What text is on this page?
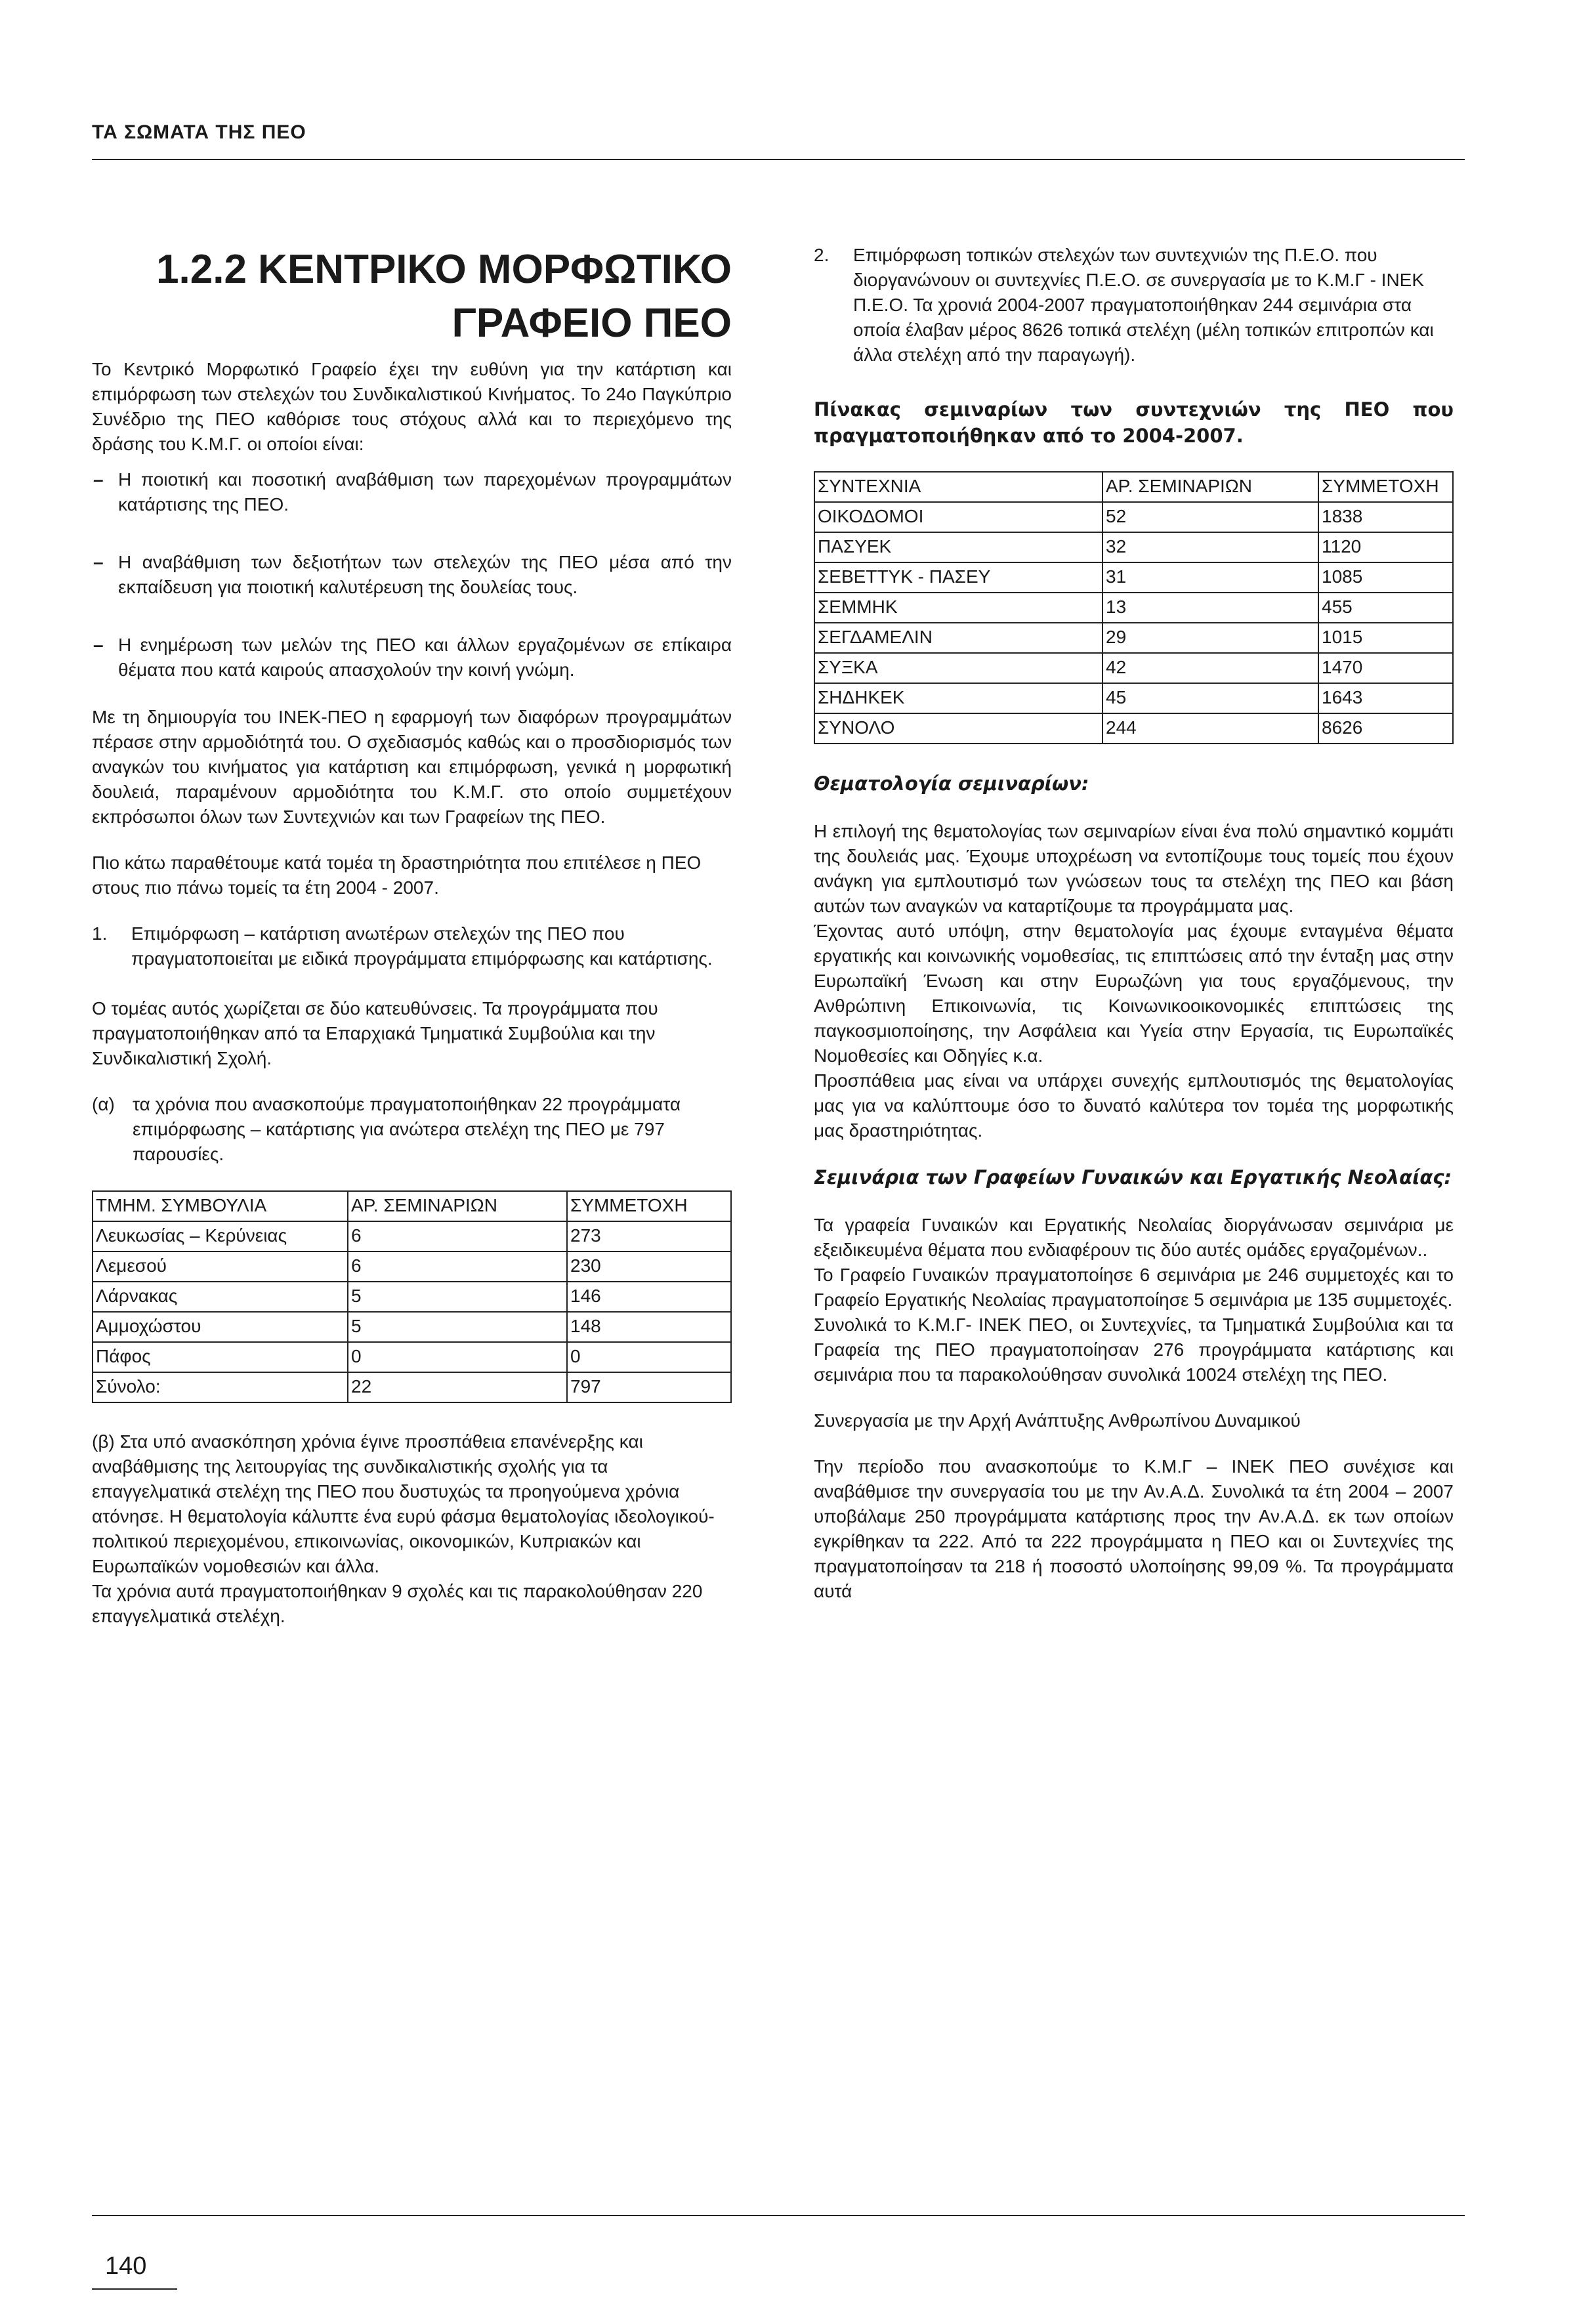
ΤΑ ΣΩΜΑΤΑ ΤΗΣ ΠΕΟ
1.2.2 ΚΕΝΤΡΙΚΟ ΜΟΡΦΩΤΙΚΟ
ΓΡΑΦΕΙΟ ΠΕΟ

Το Κεντρικό Μορφωτικό Γραφείο έχει την ευθύνη για την κατάρτιση και επιμόρφωση των στελεχών του Συνδικαλιστικού Κινήματος. Το 24ο Παγκύπριο Συνέδριο της ΠΕΟ καθόρισε τους στόχους αλλά και το περιεχόμενο της δράσης του Κ.Μ.Γ. οι οποίοι είναι:

– Η ποιοτική και ποσοτική αναβάθμιση των παρεχομένων προγραμμάτων κατάρτισης της ΠΕΟ.
– Η αναβάθμιση των δεξιοτήτων των στελεχών της ΠΕΟ μέσα από την εκπαίδευση για ποιοτική καλυτέρευση της δουλείας τους.
– Η ενημέρωση των μελών της ΠΕΟ και άλλων εργαζομένων σε επίκαιρα θέματα που κατά καιρούς απασχολούν την κοινή γνώμη.

Με τη δημιουργία του ΙΝΕΚ-ΠΕΟ η εφαρμογή των διαφόρων προγραμμάτων πέρασε στην αρμοδιότητά του. Ο σχεδιασμός καθώς και ο προσδιορισμός των αναγκών του κινήματος για κατάρτιση και επιμόρφωση, γενικά η μορφωτική δουλειά, παραμένουν αρμοδιότητα του Κ.Μ.Γ. στο οποίο συμμετέχουν εκπρόσωποι όλων των Συντεχνιών και των Γραφείων της ΠΕΟ.

Πιο κάτω παραθέτουμε κατά τομέα τη δραστηριότητα που επιτέλεσε η ΠΕΟ στους πιο πάνω τομείς τα έτη 2004 - 2007.

1. Επιμόρφωση – κατάρτιση ανωτέρων στελεχών της ΠΕΟ που πραγματοποιείται με ειδικά προγράμματα επιμόρφωσης και κατάρτισης.

Ο τομέας αυτός χωρίζεται σε δύο κατευθύνσεις. Τα προγράμματα που πραγματοποιήθηκαν από τα Επαρχιακά Τμηματικά Συμβούλια και την Συνδικαλιστική Σχολή.

(α) τα χρόνια που ανασκοπούμε πραγματοποιήθηκαν 22 προγράμματα επιμόρφωσης – κατάρτισης για ανώτερα στελέχη της ΠΕΟ με 797 παρουσίες.
ΤΜΗΜ. ΣΥΜΒΟΥΛΙΑ	ΑΡ. ΣΕΜΙΝΑΡΙΩΝ	ΣΥΜΜΕΤΟΧΗ
Λευκωσίας – Κερύνειας	6	273
Λεμεσού	6	230
Λάρνακας	5	146
Αμμοχώστου	5	148
Πάφος	0	0
Σύνολο:	22	797
(β) Στα υπό ανασκόπηση χρόνια έγινε προσπάθεια επανένερξης και αναβάθμισης της λειτουργίας της συνδικαλιστικής σχολής για τα επαγγελματικά στελέχη της ΠΕΟ που δυστυχώς τα προηγούμενα χρόνια ατόνησε. Η θεματολογία κάλυπτε ένα ευρύ φάσμα θεματολογίας ιδεολογικού- πολιτικού περιεχομένου, επικοινωνίας, οικονομικών, Κυπριακών και Ευρωπαϊκών νομοθεσιών και άλλα.
Τα χρόνια αυτά πραγματοποιήθηκαν 9 σχολές και τις παρακολούθησαν 220 επαγγελματικά στελέχη.
2. Επιμόρφωση τοπικών στελεχών των συντεχνιών της Π.Ε.Ο. που διοργανώνουν οι συντεχνίες Π.Ε.Ο. σε συνεργασία με το Κ.Μ.Γ - ΙΝΕΚ Π.Ε.Ο. Τα χρονιά 2004-2007 πραγματοποιήθηκαν 244 σεμινάρια στα οποία έλαβαν μέρος 8626 τοπικά στελέχη (μέλη τοπικών επιτροπών και άλλα στελέχη από την παραγωγή).
Πίνακας σεμιναρίων των συντεχνιών της ΠΕΟ που πραγματοποιήθηκαν από το 2004-2007.
ΣΥΝΤΕΧΝΙΑ	ΑΡ. ΣΕΜΙΝΑΡΙΩΝ	ΣΥΜΜΕΤΟΧΗ
ΟΙΚΟΔΟΜΟΙ	52	1838
ΠΑΣΥΕΚ	32	1120
ΣΕΒΕΤΤΥΚ - ΠΑΣΕΥ	31	1085
ΣΕΜΜΗΚ	13	455
ΣΕΓΔΑΜΕΛΙΝ	29	1015
ΣΥΞΚΑ	42	1470
ΣΗΔΗΚΕΚ	45	1643
ΣΥΝΟΛΟ	244	8626
Θεματολογία σεμιναρίων:

Η επιλογή της θεματολογίας των σεμιναρίων είναι ένα πολύ σημαντικό κομμάτι της δουλειάς μας. Έχουμε υποχρέωση να εντοπίζουμε τους τομείς που έχουν ανάγκη για εμπλουτισμό των γνώσεων τους τα στελέχη της ΠΕΟ και βάση αυτών των αναγκών να καταρτίζουμε τα προγράμματα μας.

Έχοντας αυτό υπόψη, στην θεματολογία μας έχουμε ενταγμένα θέματα εργατικής και κοινωνικής νομοθεσίας, τις επιπτώσεις από την ένταξη μας στην Ευρωπαϊκή Ένωση και στην Ευρωζώνη για τους εργαζόμενους, την Ανθρώπινη Επικοινωνία, τις Κοινωνικοοικονομικές επιπτώσεις της παγκοσμιοποίησης, την Ασφάλεια και Υγεία στην Εργασία, τις Ευρωπαϊκές Νομοθεσίες και Οδηγίες κ.α.

Προσπάθεια μας είναι να υπάρχει συνεχής εμπλουτισμός της θεματολογίας μας για να καλύπτουμε όσο το δυνατό καλύτερα τον τομέα της μορφωτικής μας δραστηριότητας.

Σεμινάρια των Γραφείων Γυναικών και Εργατικής Νεολαίας:

Τα γραφεία Γυναικών και Εργατικής Νεολαίας διοργάνωσαν σεμινάρια με εξειδικευμένα θέματα που ενδιαφέρουν τις δύο αυτές ομάδες εργαζομένων..

Το Γραφείο Γυναικών πραγματοποίησε 6 σεμινάρια με 246 συμμετοχές και το Γραφείο Εργατικής Νεολαίας πραγματοποίησε 5 σεμινάρια με 135 συμμετοχές.

Συνολικά το Κ.Μ.Γ- ΙΝΕΚ ΠΕΟ, οι Συντεχνίες, τα Τμηματικά Συμβούλια και τα Γραφεία της ΠΕΟ πραγματοποίησαν 276 προγράμματα κατάρτισης και σεμινάρια που τα παρακολούθησαν συνολικά 10024 στελέχη της ΠΕΟ.

Συνεργασία με την Αρχή Ανάπτυξης Ανθρωπίνου Δυναμικού

Την περίοδο που ανασκοπούμε το Κ.Μ.Γ – ΙΝΕΚ ΠΕΟ συνέχισε και αναβάθμισε την συνεργασία του με την Αν.Α.Δ. Συνολικά τα έτη 2004 – 2007 υποβάλαμε 250 προγράμματα κατάρτισης προς την Αν.Α.Δ. εκ των οποίων εγκρίθηκαν τα 222. Από τα 222 προγράμματα η ΠΕΟ και οι Συντεχνίες της πραγματοποίησαν τα 218 ή ποσοστό υλοποίησης 99,09 %. Τα προγράμματα αυτά

140
